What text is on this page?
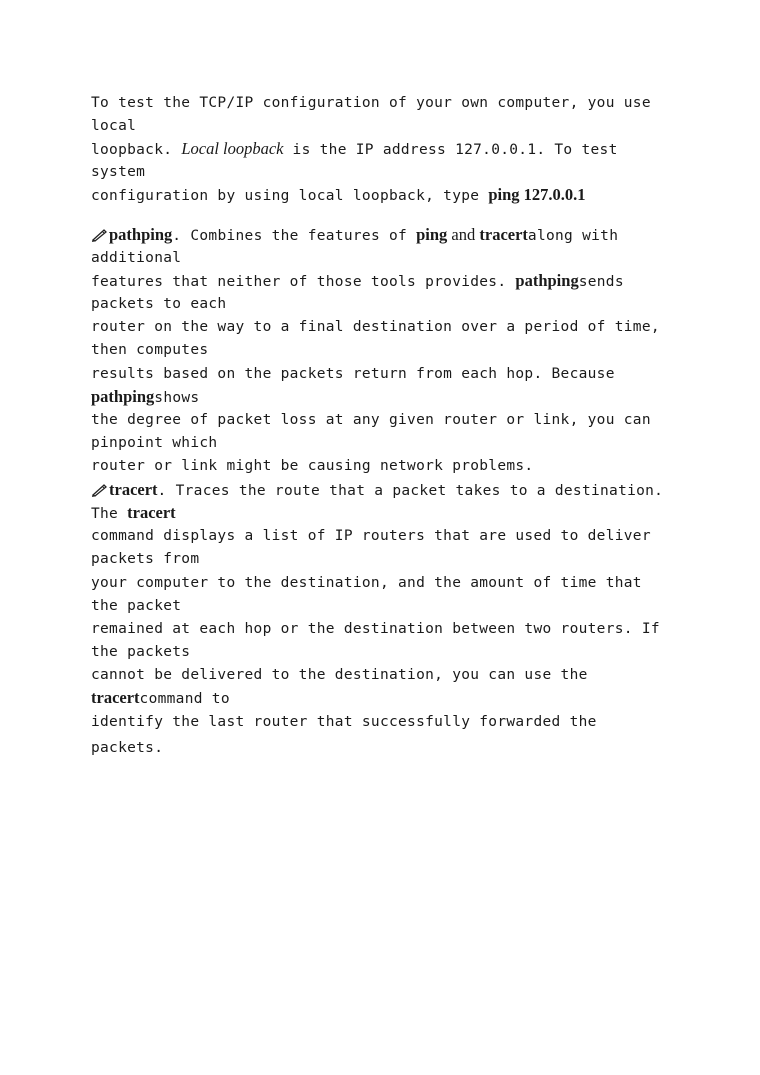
To test the TCP/IP configuration of your own computer, you use
local
loopback. Local loopback is the IP address 127.0.0.1. To test
system
configuration by using local loopback, type ping 127.0.0.1
pathping. Combines the features of ping and tracertalong with
additional
features that neither of those tools provides. pathpingsends
packets to each
router on the way to a final destination over a period of time,
then computes
results based on the packets return from each hop. Because
pathpingshows
the degree of packet loss at any given router or link, you can
pinpoint which
router or link might be causing network problems.
tracert. Traces the route that a packet takes to a destination.
The tracert
command displays a list of IP routers that are used to deliver
packets from
your computer to the destination, and the amount of time that
the packet
remained at each hop or the destination between two routers. If
the packets
cannot be delivered to the destination, you can use the
tracertcommand to
identify the last router that successfully forwarded the
packets.
